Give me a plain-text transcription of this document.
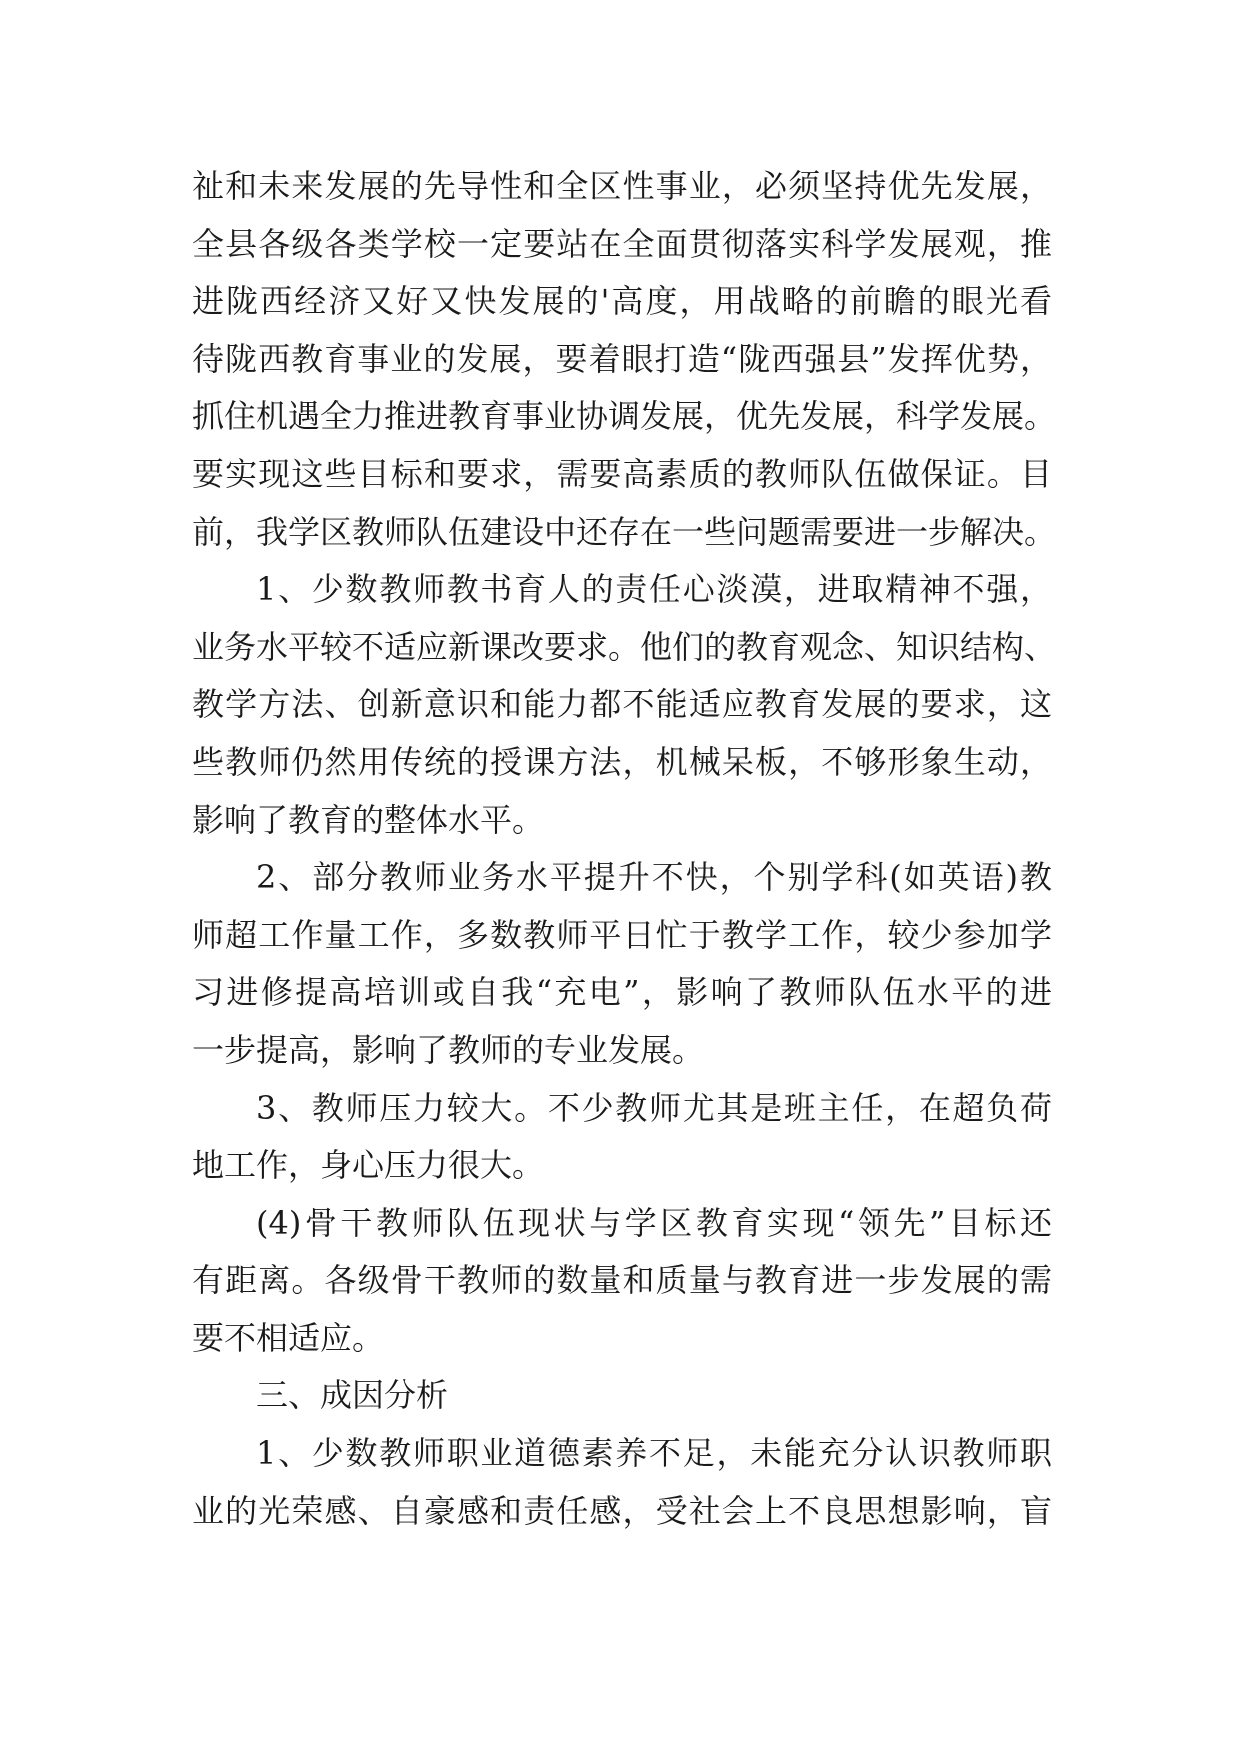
祉和未来发展的先导性和全区性事业，必须坚持优先发展，
全县各级各类学校一定要站在全面贯彻落实科学发展观，推
进陇西经济又好又快发展的'高度，用战略的前瞻的眼光看
待陇西教育事业的发展，要着眼打造“陇西强县”发挥优势，
抓住机遇全力推进教育事业协调发展，优先发展，科学发展。
要实现这些目标和要求，需要高素质的教师队伍做保证。目
前，我学区教师队伍建设中还存在一些问题需要进一步解决。

1、少数教师教书育人的责任心淡漠，进取精神不强，
业务水平较不适应新课改要求。他们的教育观念、知识结构、
教学方法、创新意识和能力都不能适应教育发展的要求，这
些教师仍然用传统的授课方法，机械呆板，不够形象生动，
影响了教育的整体水平。

2、部分教师业务水平提升不快，个别学科(如英语)教
师超工作量工作，多数教师平日忙于教学工作，较少参加学
习进修提高培训或自我“充电”，影响了教师队伍水平的进
一步提高，影响了教师的专业发展。

3、教师压力较大。不少教师尤其是班主任，在超负荷
地工作，身心压力很大。

(4)骨干教师队伍现状与学区教育实现“领先”目标还
有距离。各级骨干教师的数量和质量与教育进一步发展的需
要不相适应。

三、成因分析

1、少数教师职业道德素养不足，未能充分认识教师职
业的光荣感、自豪感和责任感，受社会上不良思想影响，盲
